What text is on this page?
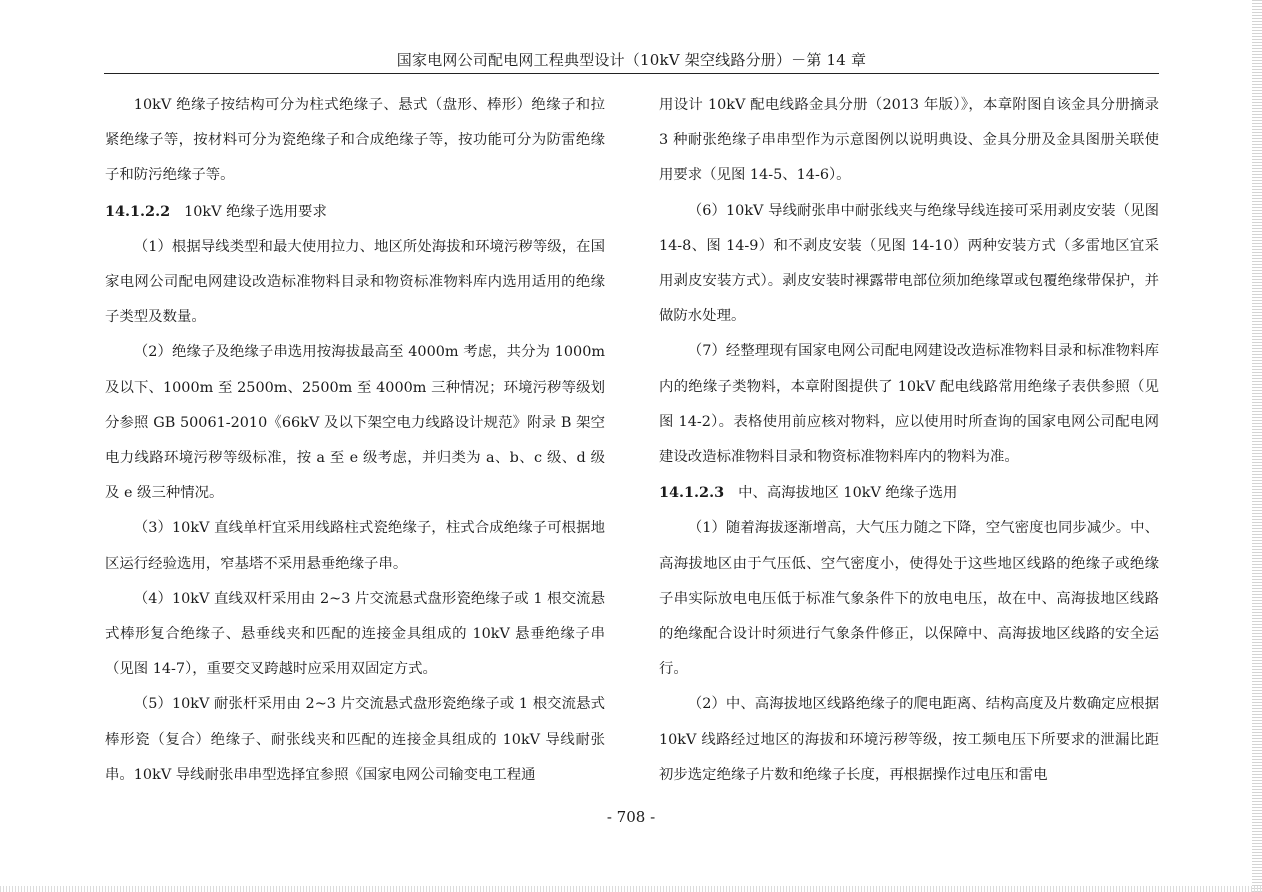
国家电网公司配电网工程典型设计（10kV 架空线路分册）－第 14 章

10kV 绝缘子按结构可分为柱式绝缘子、悬式（盘形、棒形）绝缘子和拉紧绝缘子等，按材料可分为瓷绝缘子和合成绝缘子等，按功能可分为防雷绝缘子和防污绝缘子等。

14.1.2.2 10kV 绝缘子选用要求

（1）根据导线类型和最大使用拉力、地区所处海拔和环境污秽等级，在国家电网公司配电网建设改造标准物料目录和物资标准物料库内选用适用的绝缘子类型及数量。

（2）绝缘子及绝缘子串选用按海拔最高至 4000m 考虑，共分为 1000m 及以下、1000m 至 2500m、2500m 至 4000m 三种情况；环境污秽等级划分参照 GB 50061-2010《66kV 及以下架空电力线路设计规范》附录 B 架空电力线路环境污秽等级标准，按 a 至 e 级考虑，并归类为 a、b、c 级、d 级及 e 级三种情况。

（3）10kV 直线单杆宜采用线路柱式瓷绝缘子，柱式合成绝缘子可根据地区运行经验选用，窄基塔不采用悬垂绝缘子串。

（4）10kV 直线双杆采用由 2~3 片交流悬式盘形瓷绝缘子或 1 根交流悬式棒形复合绝缘子、悬垂线夹和匹配的连接金具组成的 10kV 悬垂绝缘子串（见图 14-7），重要交叉跨越时应采用双固定方式。

（5）10kV 耐张杆采用由 2~3 片交流悬式盘形瓷绝缘子或 1 根交流悬式棒形瓷（复合）绝缘子、耐张线夹和匹配的连接金具组成的 10kV 导线耐张串。10kV 导线耐张串串型选择宜参照《国家电网公司输变电工程通

用设计 10kV 配电线路金具分册（2013 年版）》，本章附图自该金具分册摘录 3 种耐张绝缘子串串型作为示意图例以说明典设、金具分册及金具图册关联使用要求（见图 14-5、14-6）。

（6）10kV 导线耐张串中耐张线夹与绝缘导线连接可采用剥皮安装（见图 14-8、图 14-9）和不剥皮安装（见图 14-10）两种安装方式（多雷地区宜采用剥皮安装方式）。剥皮安装时裸露带电部位须加绝缘罩或包覆绝缘带保护，并做防水处理。

（7）经整理现有国家电网公司配电网建设改造标准物料目录和标准物料库内的绝缘子类物料，本章附图提供了 10kV 配电线路常用绝缘子表供参照（见图 14-2）。表格使用前应核对物料，应以使用时所查询的国家电网公司配电网建设改造标准物料目录和物资标准物料库内的物料为准。

14.1.2.3 中、高海拔地区 10kV 绝缘子选用

（1）随着海拔逐渐增高，大气压力随之下降，空气密度也同步减少。中、高海拔地区由于气压低、空气密度小，使得处于这些地区线路的绝缘子或绝缘子串实际放电电压低于标准气象条件下的放电电压，故在中、高海拔地区线路的绝缘配合设计时须进行气象条件修正，以保障中、高海拔地区线路的安全运行。

（2）中、高海拔地区线路绝缘子的爬电距离、结构高度及片数确定应根据 10kV 线路经过地区的海拔和环境污秽等级，按工频电压下所要求的泄漏比距初步选定绝缘子片数和绝缘子长度，再根据操作过电压和雷电

- 708 -
